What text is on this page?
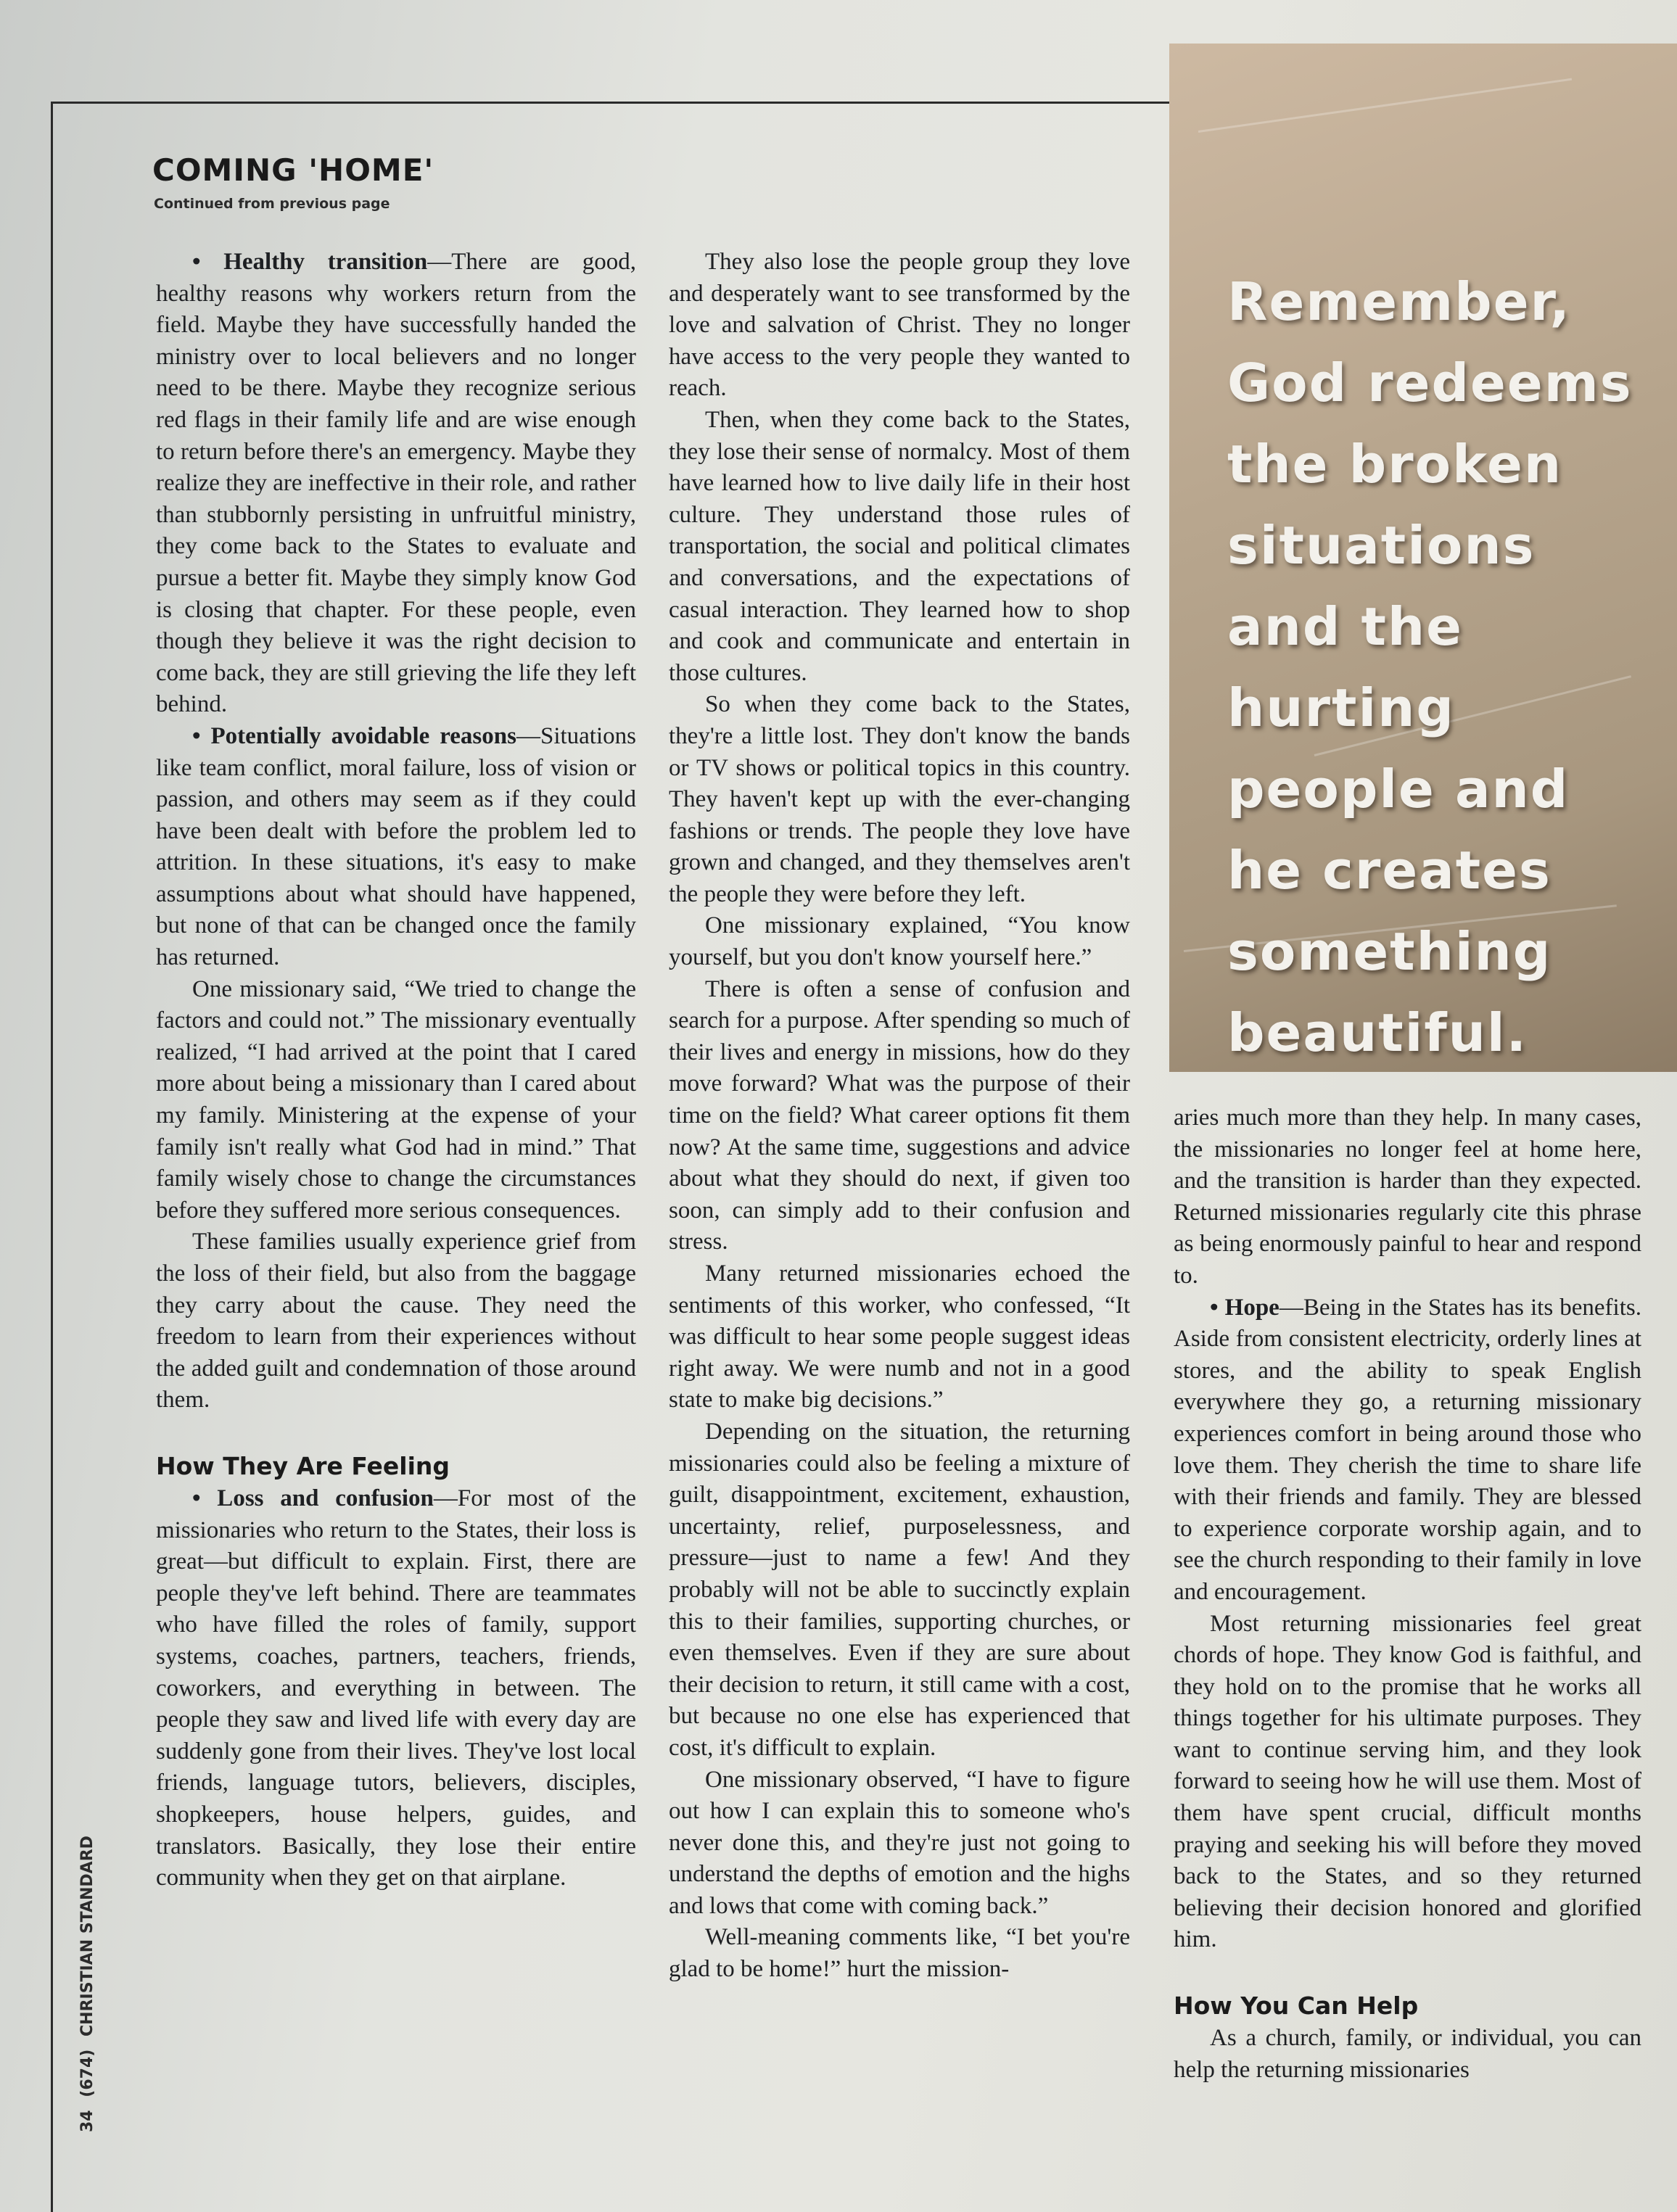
COMING 'HOME'
Continued from previous page

• Healthy transition—There are good, healthy reasons why workers return from the field. Maybe they have successfully handed the ministry over to local believers and no longer need to be there. Maybe they recognize serious red flags in their family life and are wise enough to return before there's an emergency. Maybe they realize they are ineffective in their role, and rather than stubbornly persisting in unfruitful ministry, they come back to the States to evaluate and pursue a better fit. Maybe they simply know God is closing that chapter. For these people, even though they believe it was the right decision to come back, they are still grieving the life they left behind.

• Potentially avoidable reasons—Situations like team conflict, moral failure, loss of vision or passion, and others may seem as if they could have been dealt with before the problem led to attrition. In these situations, it's easy to make assumptions about what should have happened, but none of that can be changed once the family has returned.

One missionary said, “We tried to change the factors and could not.” The missionary eventually realized, “I had arrived at the point that I cared more about being a missionary than I cared about my family. Ministering at the expense of your family isn't really what God had in mind.” That family wisely chose to change the circumstances before they suffered more serious consequences.

These families usually experience grief from the loss of their field, but also from the baggage they carry about the cause. They need the freedom to learn from their experiences without the added guilt and condemnation of those around them.

How They Are Feeling

• Loss and confusion—For most of the missionaries who return to the States, their loss is great—but difficult to explain. First, there are people they've left behind. There are teammates who have filled the roles of family, support systems, coaches, partners, teachers, friends, coworkers, and everything in between. The people they saw and lived life with every day are suddenly gone from their lives. They've lost local friends, language tutors, believers, disciples, shopkeepers, house helpers, guides, and translators. Basically, they lose their entire community when they get on that airplane.

They also lose the people group they love and desperately want to see transformed by the love and salvation of Christ. They no longer have access to the very people they wanted to reach.

Then, when they come back to the States, they lose their sense of normalcy. Most of them have learned how to live daily life in their host culture. They understand those rules of transportation, the social and political climates and conversations, and the expectations of casual interaction. They learned how to shop and cook and communicate and entertain in those cultures.

So when they come back to the States, they're a little lost. They don't know the bands or TV shows or political topics in this country. They haven't kept up with the ever-changing fashions or trends. The people they love have grown and changed, and they themselves aren't the people they were before they left.

One missionary explained, “You know yourself, but you don't know yourself here.”

There is often a sense of confusion and search for a purpose. After spending so much of their lives and energy in missions, how do they move forward? What was the purpose of their time on the field? What career options fit them now? At the same time, suggestions and advice about what they should do next, if given too soon, can simply add to their confusion and stress.

Many returned missionaries echoed the sentiments of this worker, who confessed, “It was difficult to hear some people suggest ideas right away. We were numb and not in a good state to make big decisions.”

Depending on the situation, the returning missionaries could also be feeling a mixture of guilt, disappointment, excitement, exhaustion, uncertainty, relief, purposelessness, and pressure—just to name a few! And they probably will not be able to succinctly explain this to their families, supporting churches, or even themselves. Even if they are sure about their decision to return, it still came with a cost, but because no one else has experienced that cost, it's difficult to explain.

One missionary observed, “I have to figure out how I can explain this to someone who's never done this, and they're just not going to understand the depths of emotion and the highs and lows that come with coming back.”

Well-meaning comments like, “I bet you're glad to be home!” hurt the mission-

Remember, God redeems the broken situations and the hurting people and he creates something beautiful.

aries much more than they help. In many cases, the missionaries no longer feel at home here, and the transition is harder than they expected. Returned missionaries regularly cite this phrase as being enormously painful to hear and respond to.

• Hope—Being in the States has its benefits. Aside from consistent electricity, orderly lines at stores, and the ability to speak English everywhere they go, a returning missionary experiences comfort in being around those who love them. They cherish the time to share life with their friends and family. They are blessed to experience corporate worship again, and to see the church responding to their family in love and encouragement.

Most returning missionaries feel great chords of hope. They know God is faithful, and they hold on to the promise that he works all things together for his ultimate purposes. They want to continue serving him, and they look forward to seeing how he will use them. Most of them have spent crucial, difficult months praying and seeking his will before they moved back to the States, and so they returned believing their decision honored and glorified him.

How You Can Help

As a church, family, or individual, you can help the returning missionaries

34 (674) CHRISTIAN STANDARD
